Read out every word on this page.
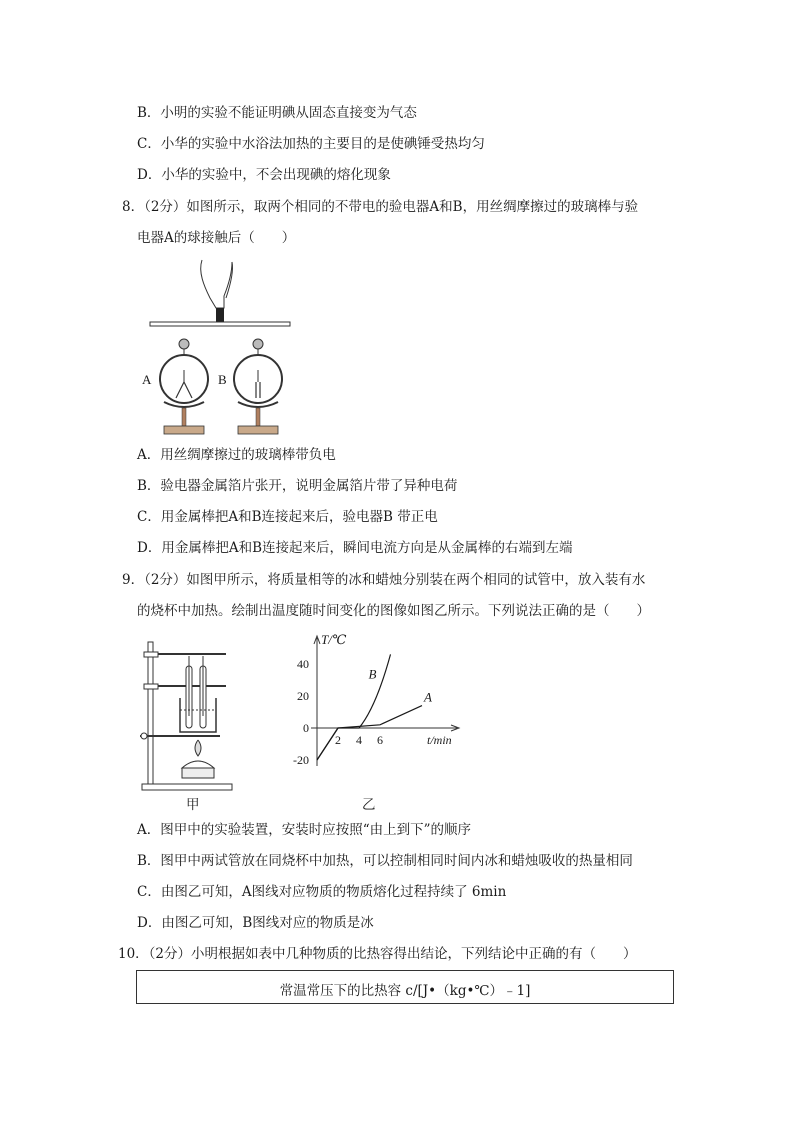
B．小明的实验不能证明碘从固态直接变为气态
C．小华的实验中水浴法加热的主要目的是使碘锤受热均匀
D．小华的实验中，不会出现碘的熔化现象
8．（2分）如图所示，取两个相同的不带电的验电器A和B，用丝绸摩擦过的玻璃棒与验
电器A的球接触后（　　）
A	B
A．用丝绸摩擦过的玻璃棒带负电
B．验电器金属箔片张开，说明金属箔片带了异种电荷
C．用金属棒把A和B连接起来后，验电器B 带正电
D．用金属棒把A和B连接起来后，瞬间电流方向是从金属棒的右端到左端
9．（2分）如图甲所示，将质量相等的冰和蜡烛分别装在两个相同的试管中，放入装有水
的烧杯中加热。绘制出温度随时间变化的图像如图乙所示。下列说法正确的是（　　）
甲
T/℃
t/min
40
20
0
-20
2 4 6
B
A
乙
A．图甲中的实验装置，安装时应按照“由上到下”的顺序
B．图甲中两试管放在同烧杯中加热，可以控制相同时间内冰和蜡烛吸收的热量相同
C．由图乙可知，A图线对应物质的物质熔化过程持续了 6min
D．由图乙可知，B图线对应的物质是冰
10．（2分）小明根据如表中几种物质的比热容得出结论，下列结论中正确的有（　　）
常温常压下的比热容 c/[J•（kg•℃）﹣1]
